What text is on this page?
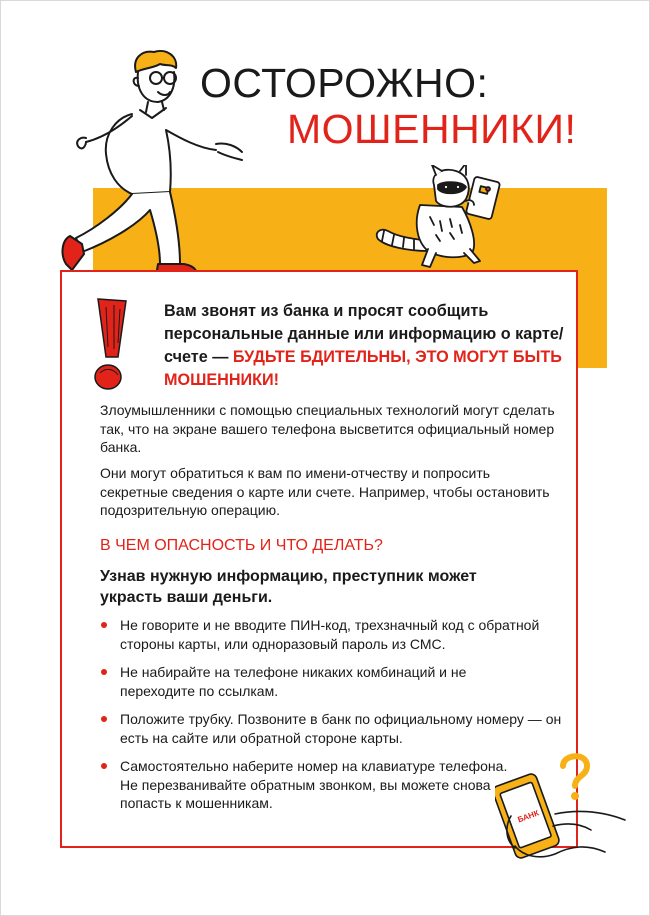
ОСТОРОЖНО:
МОШЕННИКИ!
Вам звонят из банка и просят сообщить персональные данные или информацию о карте/счете — БУДЬТЕ БДИТЕЛЬНЫ, ЭТО МОГУТ БЫТЬ МОШЕННИКИ!
Злоумышленники с помощью специальных технологий могут сделать так, что на экране вашего телефона высветится официальный номер банка.
Они могут обратиться к вам по имени-отчеству и попросить секретные сведения о карте или счете. Например, чтобы остановить подозрительную операцию.
В ЧЕМ ОПАСНОСТЬ И ЧТО ДЕЛАТЬ?
Узнав нужную информацию, преступник может украсть ваши деньги.
Не говорите и не вводите ПИН-код, трехзначный код с обратной стороны карты, или одноразовый пароль из СМС.
Не набирайте на телефоне никаких комбинаций и не переходите по ссылкам.
Положите трубку. Позвоните в банк по официальному номеру — он есть на сайте или обратной стороне карты.
Самостоятельно наберите номер на клавиатуре телефона. Не перезванивайте обратным звонком, вы можете снова попасть к мошенникам.
БАНК
